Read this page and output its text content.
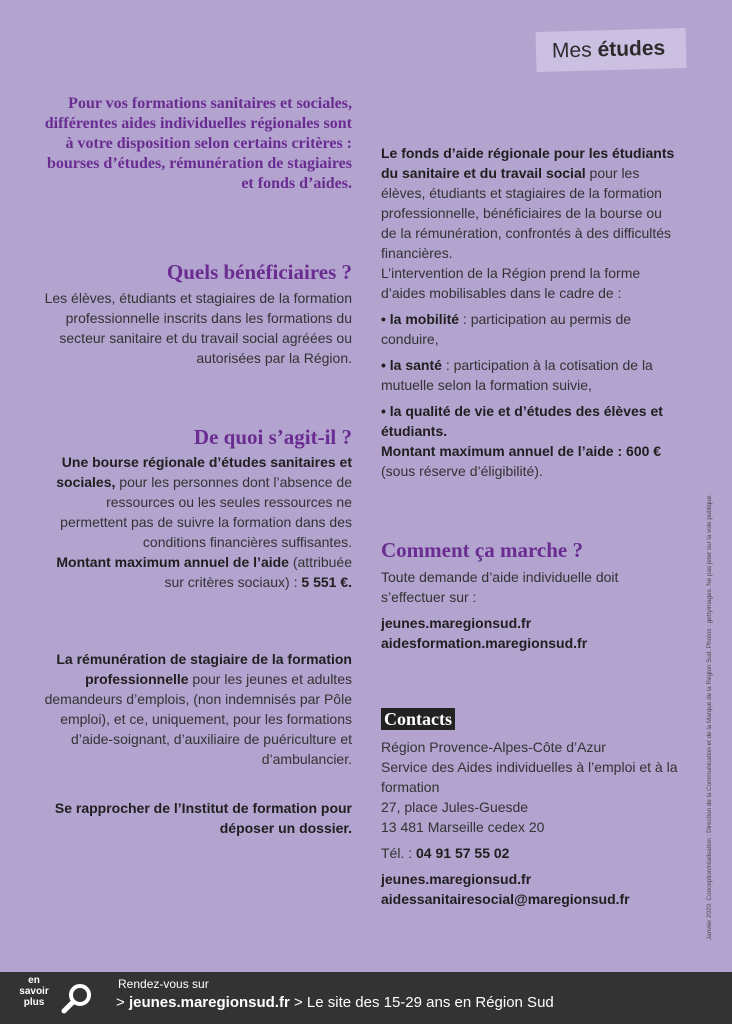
Mes études
Pour vos formations sanitaires et sociales, différentes aides individuelles régionales sont à votre disposition selon certains critères : bourses d’études, rémunération de stagiaires et fonds d’aides.
Quels bénéficiaires ?
Les élèves, étudiants et stagiaires de la formation professionnelle inscrits dans les formations du secteur sanitaire et du travail social agréées ou autorisées par la Région.
De quoi s’agit-il ?
Une bourse régionale d’études sanitaires et sociales, pour les personnes dont l’absence de ressources ou les seules ressources ne permettent pas de suivre la formation dans des conditions financières suffisantes.
Montant maximum annuel de l’aide (attribuée sur critères sociaux) : 5 551 €.
La rémunération de stagiaire de la formation professionnelle pour les jeunes et adultes demandeurs d’emplois, (non indemnisés par Pôle emploi), et ce, uniquement, pour les formations d’aide-soignant, d’auxiliaire de puériculture et d’ambulancier.
Se rapprocher de l’Institut de formation pour déposer un dossier.
Le fonds d’aide régionale pour les étudiants du sanitaire et du travail social pour les élèves, étudiants et stagiaires de la formation professionnelle, bénéficiaires de la bourse ou de la rémunération, confrontés à des difficultés financières.
L’intervention de la Région prend la forme d’aides mobilisables dans le cadre de :
• la mobilité : participation au permis de conduire,
• la santé : participation à la cotisation de la mutuelle selon la formation suivie,
• la qualité de vie et d’études des élèves et étudiants.
Montant maximum annuel de l’aide : 600 € (sous réserve d’éligibilité).
Comment ça marche ?
Toute demande d’aide individuelle doit s’effectuer sur :
jeunes.maregionsud.fr
aidesformation.maregionsud.fr
Contacts
Région Provence-Alpes-Côte d’Azur
Service des Aides individuelles à l’emploi et à la formation
27, place Jules-Guesde
13 481 Marseille cedex 20
Tél. : 04 91 57 55 02
jeunes.maregionsud.fr
aidessanitairesocial@maregionsud.fr	Janvier 2020. Conception/réalisation : Direction de la Communication et de la Marque de la Région Sud. Photos : gettyimages. Ne pas jeter sur la voie publique.
en savoir plus
Rendez-vous sur
> jeunes.maregionsud.fr > Le site des 15-29 ans en Région Sud
